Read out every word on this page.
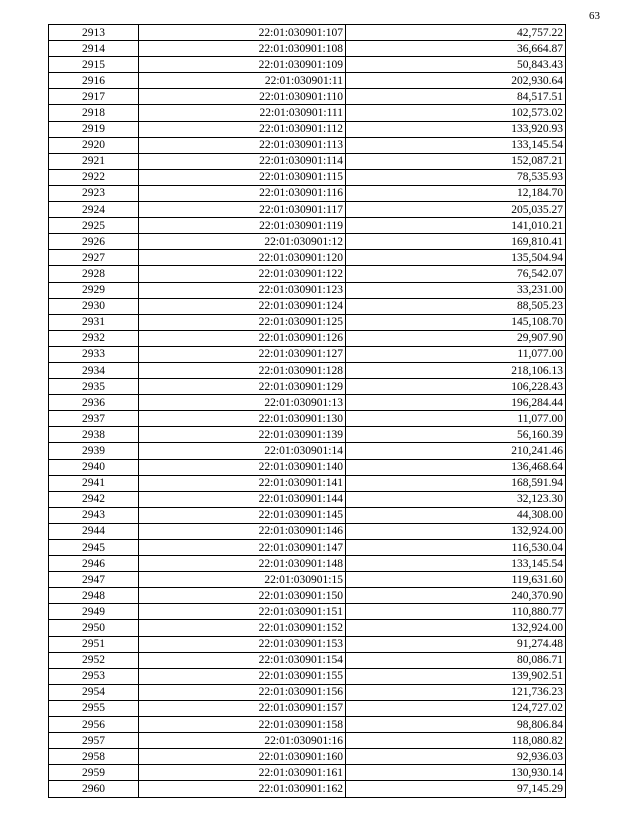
63
2913	22:01:030901:107	42,757.22
2914	22:01:030901:108	36,664.87
2915	22:01:030901:109	50,843.43
2916	22:01:030901:11	202,930.64
2917	22:01:030901:110	84,517.51
2918	22:01:030901:111	102,573.02
2919	22:01:030901:112	133,920.93
2920	22:01:030901:113	133,145.54
2921	22:01:030901:114	152,087.21
2922	22:01:030901:115	78,535.93
2923	22:01:030901:116	12,184.70
2924	22:01:030901:117	205,035.27
2925	22:01:030901:119	141,010.21
2926	22:01:030901:12	169,810.41
2927	22:01:030901:120	135,504.94
2928	22:01:030901:122	76,542.07
2929	22:01:030901:123	33,231.00
2930	22:01:030901:124	88,505.23
2931	22:01:030901:125	145,108.70
2932	22:01:030901:126	29,907.90
2933	22:01:030901:127	11,077.00
2934	22:01:030901:128	218,106.13
2935	22:01:030901:129	106,228.43
2936	22:01:030901:13	196,284.44
2937	22:01:030901:130	11,077.00
2938	22:01:030901:139	56,160.39
2939	22:01:030901:14	210,241.46
2940	22:01:030901:140	136,468.64
2941	22:01:030901:141	168,591.94
2942	22:01:030901:144	32,123.30
2943	22:01:030901:145	44,308.00
2944	22:01:030901:146	132,924.00
2945	22:01:030901:147	116,530.04
2946	22:01:030901:148	133,145.54
2947	22:01:030901:15	119,631.60
2948	22:01:030901:150	240,370.90
2949	22:01:030901:151	110,880.77
2950	22:01:030901:152	132,924.00
2951	22:01:030901:153	91,274.48
2952	22:01:030901:154	80,086.71
2953	22:01:030901:155	139,902.51
2954	22:01:030901:156	121,736.23
2955	22:01:030901:157	124,727.02
2956	22:01:030901:158	98,806.84
2957	22:01:030901:16	118,080.82
2958	22:01:030901:160	92,936.03
2959	22:01:030901:161	130,930.14
2960	22:01:030901:162	97,145.29
